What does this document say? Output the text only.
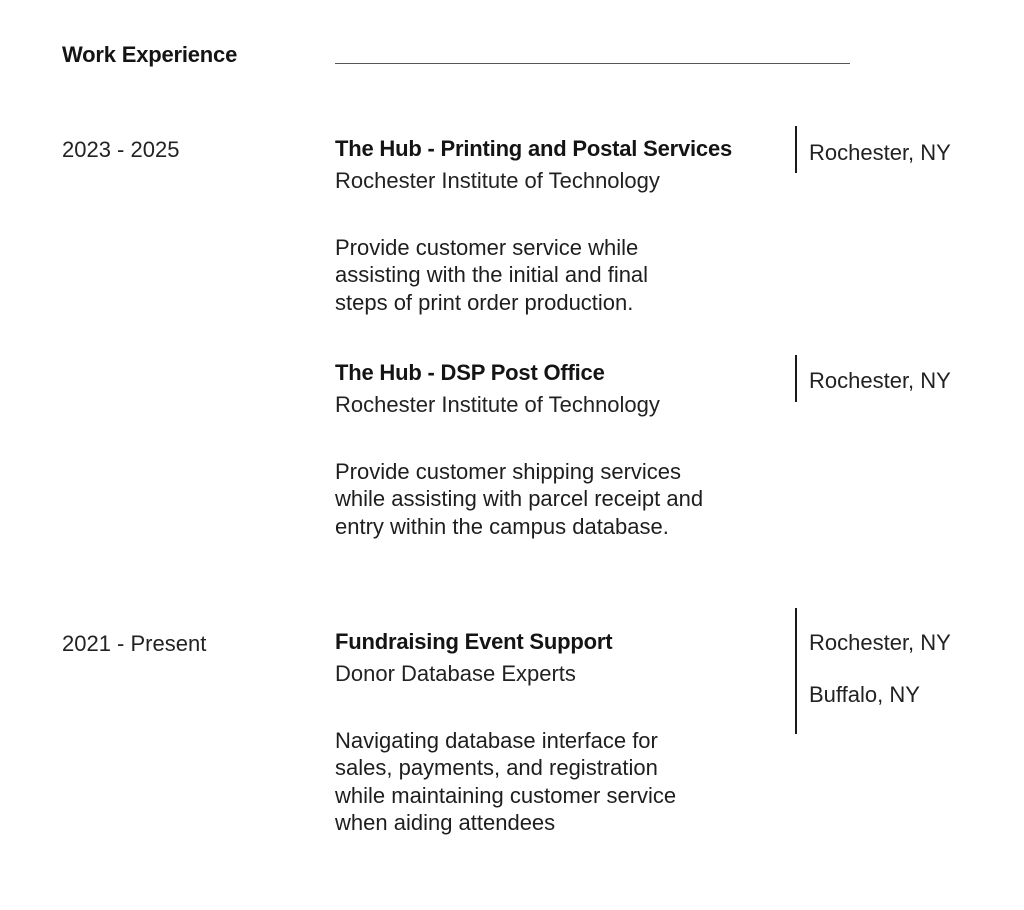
Work Experience
2023 - 2025	The Hub - Printing and Postal Services
Rochester Institute of Technology
Provide customer service while
assisting with the initial and final
steps of print order production.
Rochester, NY
The Hub - DSP Post Office
Rochester Institute of Technology
Provide customer shipping services
while assisting with parcel receipt and
entry within the campus database.
Rochester, NY
2021 - Present	Fundraising Event Support
Donor Database Experts
Navigating database interface for
sales, payments, and registration
while maintaining customer service
when aiding attendees
Rochester, NY
Buffalo, NY
